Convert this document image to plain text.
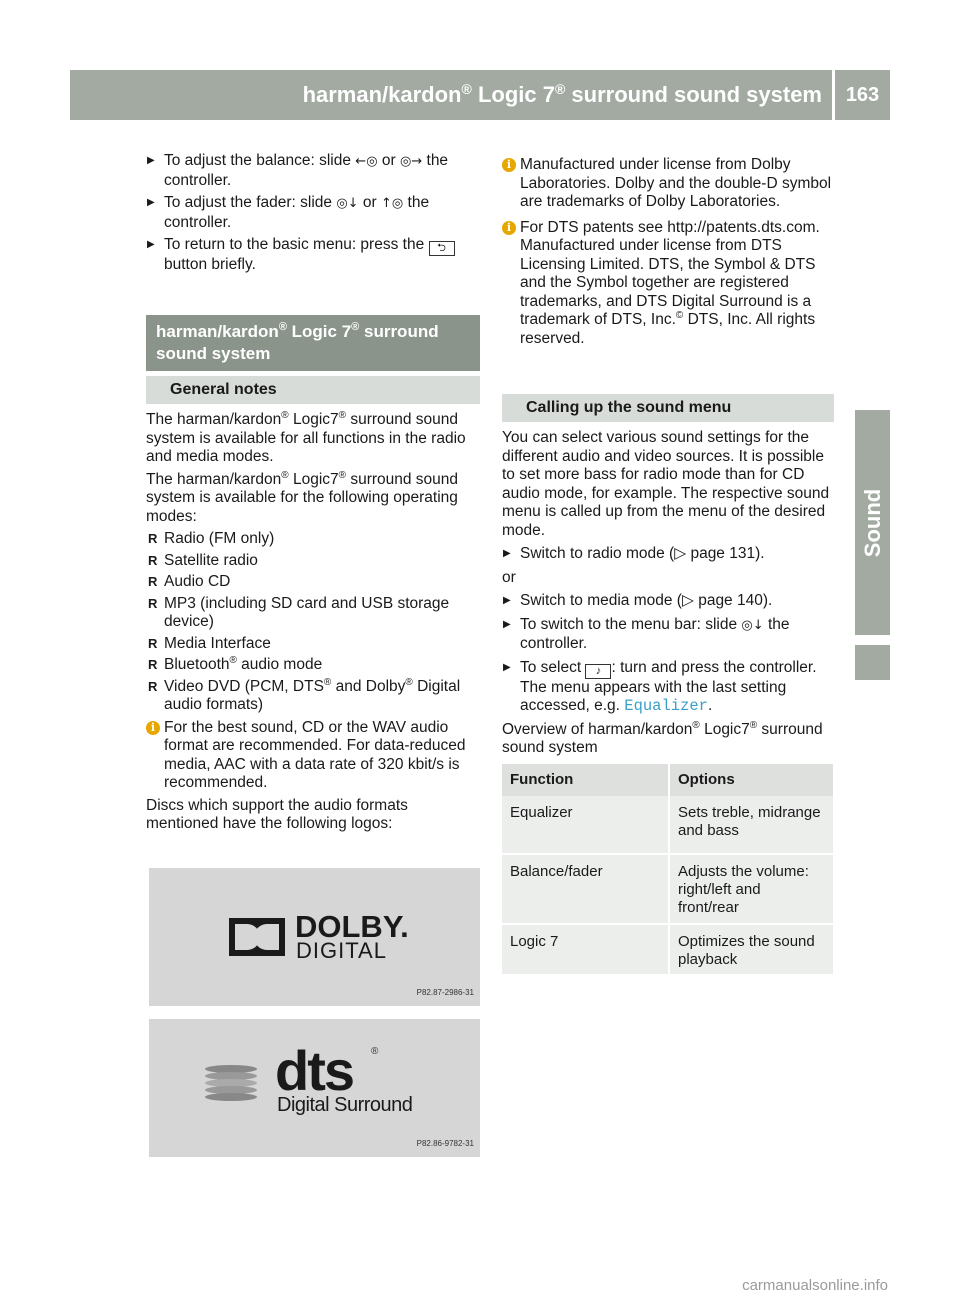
harman/kardon® Logic 7® surround sound system	163
Sound

▶ To adjust the balance: slide ←◎ or ◎→ the controller.

▶ To adjust the fader: slide ◎↓ or ↑◎ the controller.

▶ To return to the basic menu: press the ⮌ button briefly.

harman/kardon® Logic 7® surround sound system
General notes

The harman/kardon® Logic7® surround sound system is available for all functions in the radio and media modes.

The harman/kardon® Logic7® surround sound system is available for the following operating modes:

R Radio (FM only)

R Satellite radio

R Audio CD

R MP3 (including SD card and USB storage device)

R Media Interface

R Bluetooth® audio mode

R Video DVD (PCM, DTS® and Dolby® Digital audio formats)

i For the best sound, CD or the WAV audio format are recommended. For data-reduced media, AAC with a data rate of 320 kbit/s is recommended.

Discs which support the audio formats mentioned have the following logos:

DOLBY.
DIGITAL
P82.87-2986-31
dts ®
Digital Surround
P82.86-9782-31

i Manufactured under license from Dolby Laboratories. Dolby and the double-D symbol are trademarks of Dolby Laboratories.

i For DTS patents see http://patents.dts.com. Manufactured under license from DTS Licensing Limited. DTS, the Symbol & DTS and the Symbol together are registered trademarks, and DTS Digital Surround is a trademark of DTS, Inc.© DTS, Inc. All rights reserved.

Calling up the sound menu

You can select various sound settings for the different audio and video sources. It is possible to set more bass for radio mode than for CD audio mode, for example. The respective sound menu is called up from the menu of the desired mode.

▶ Switch to radio mode (▷ page 131).

or

▶ Switch to media mode (▷ page 140).

▶ To switch to the menu bar: slide ◎↓ the controller.

▶ To select ♪ : turn and press the controller. The menu appears with the last setting accessed, e.g. Equalizer.

Overview of harman/kardon® Logic7® surround sound system

Function	Options
Equalizer	Sets treble, midrange and bass
Balance/fader	Adjusts the volume: right/left and front/rear
Logic 7	Optimizes the sound playback
carmanualsonline.info
